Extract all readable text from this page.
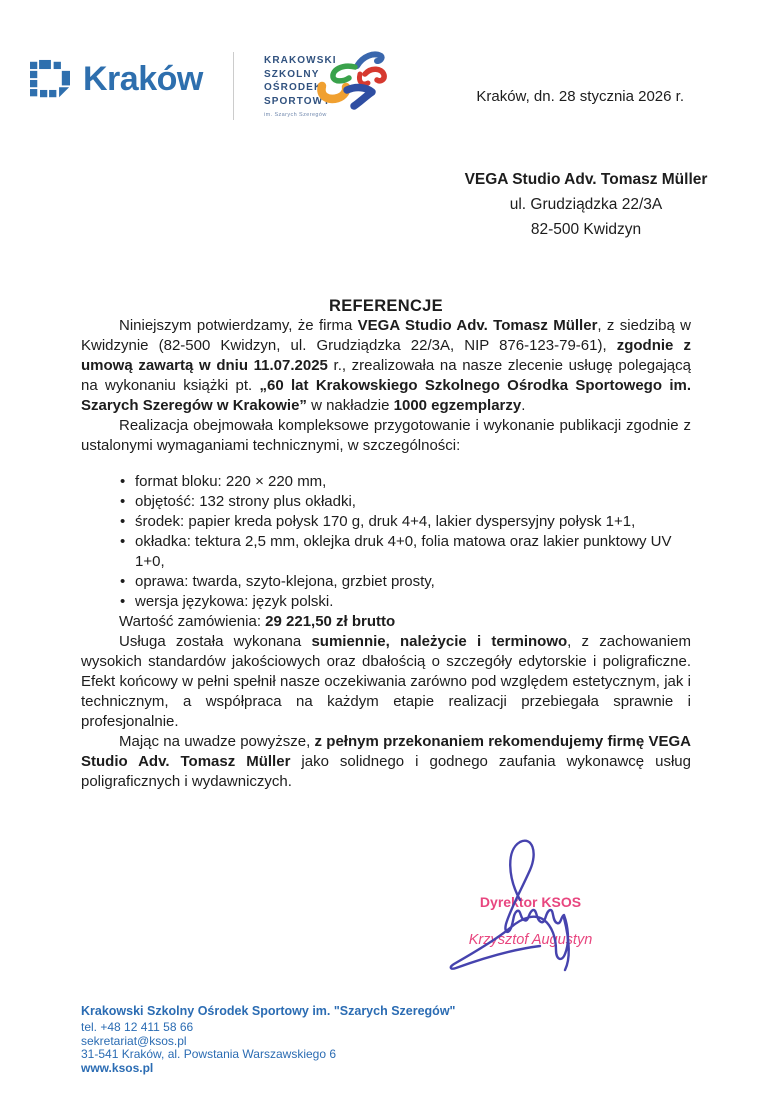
Kraków	KRAKOWSKI
SZKOLNY
OŚRODEK
SPORTOWY
im. Szarych Szeregów
Kraków, dn. 28 stycznia 2026 r.
VEGA Studio Adv. Tomasz Müller
ul. Grudziądzka 22/3A
82-500 Kwidzyn
REFERENCJE

Niniejszym potwierdzamy, że firma VEGA Studio Adv. Tomasz Müller, z siedzibą w Kwidzynie (82-500 Kwidzyn, ul. Grudziądzka 22/3A, NIP 876-123-79-61), zgodnie z umową zawartą w dniu 11.07.2025 r., zrealizowała na nasze zlecenie usługę polegającą na wykonaniu książki pt. „60 lat Krakowskiego Szkolnego Ośrodka Sportowego im. Szarych Szeregów w Krakowie” w nakładzie 1000 egzemplarzy.

Realizacja obejmowała kompleksowe przygotowanie i wykonanie publikacji zgodnie z ustalonymi wymaganiami technicznymi, w szczególności:

• format bloku: 220 × 220 mm,
• objętość: 132 strony plus okładki,
• środek: papier kreda połysk 170 g, druk 4+4, lakier dyspersyjny połysk 1+1,
• okładka: tektura 2,5 mm, oklejka druk 4+0, folia matowa oraz lakier punktowy UV 1+0,
• oprawa: twarda, szyto-klejona, grzbiet prosty,
• wersja językowa: język polski.

Wartość zamówienia: 29 221,50 zł brutto

Usługa została wykonana sumiennie, należycie i terminowo, z zachowaniem wysokich standardów jakościowych oraz dbałością o szczegóły edytorskie i poligraficzne. Efekt końcowy w pełni spełnił nasze oczekiwania zarówno pod względem estetycznym, jak i technicznym, a współpraca na każdym etapie realizacji przebiegała sprawnie i profesjonalnie.

Mając na uwadze powyższe, z pełnym przekonaniem rekomendujemy firmę VEGA Studio Adv. Tomasz Müller jako solidnego i godnego zaufania wykonawcę usług poligraficznych i wydawniczych.

Dyrektor KSOS
Krzysztof Augustyn
Krakowski Szkolny Ośrodek Sportowy im. "Szarych Szeregów"
tel. +48 12 411 58 66
sekretariat@ksos.pl
31-541 Kraków, al. Powstania Warszawskiego 6
www.ksos.pl
